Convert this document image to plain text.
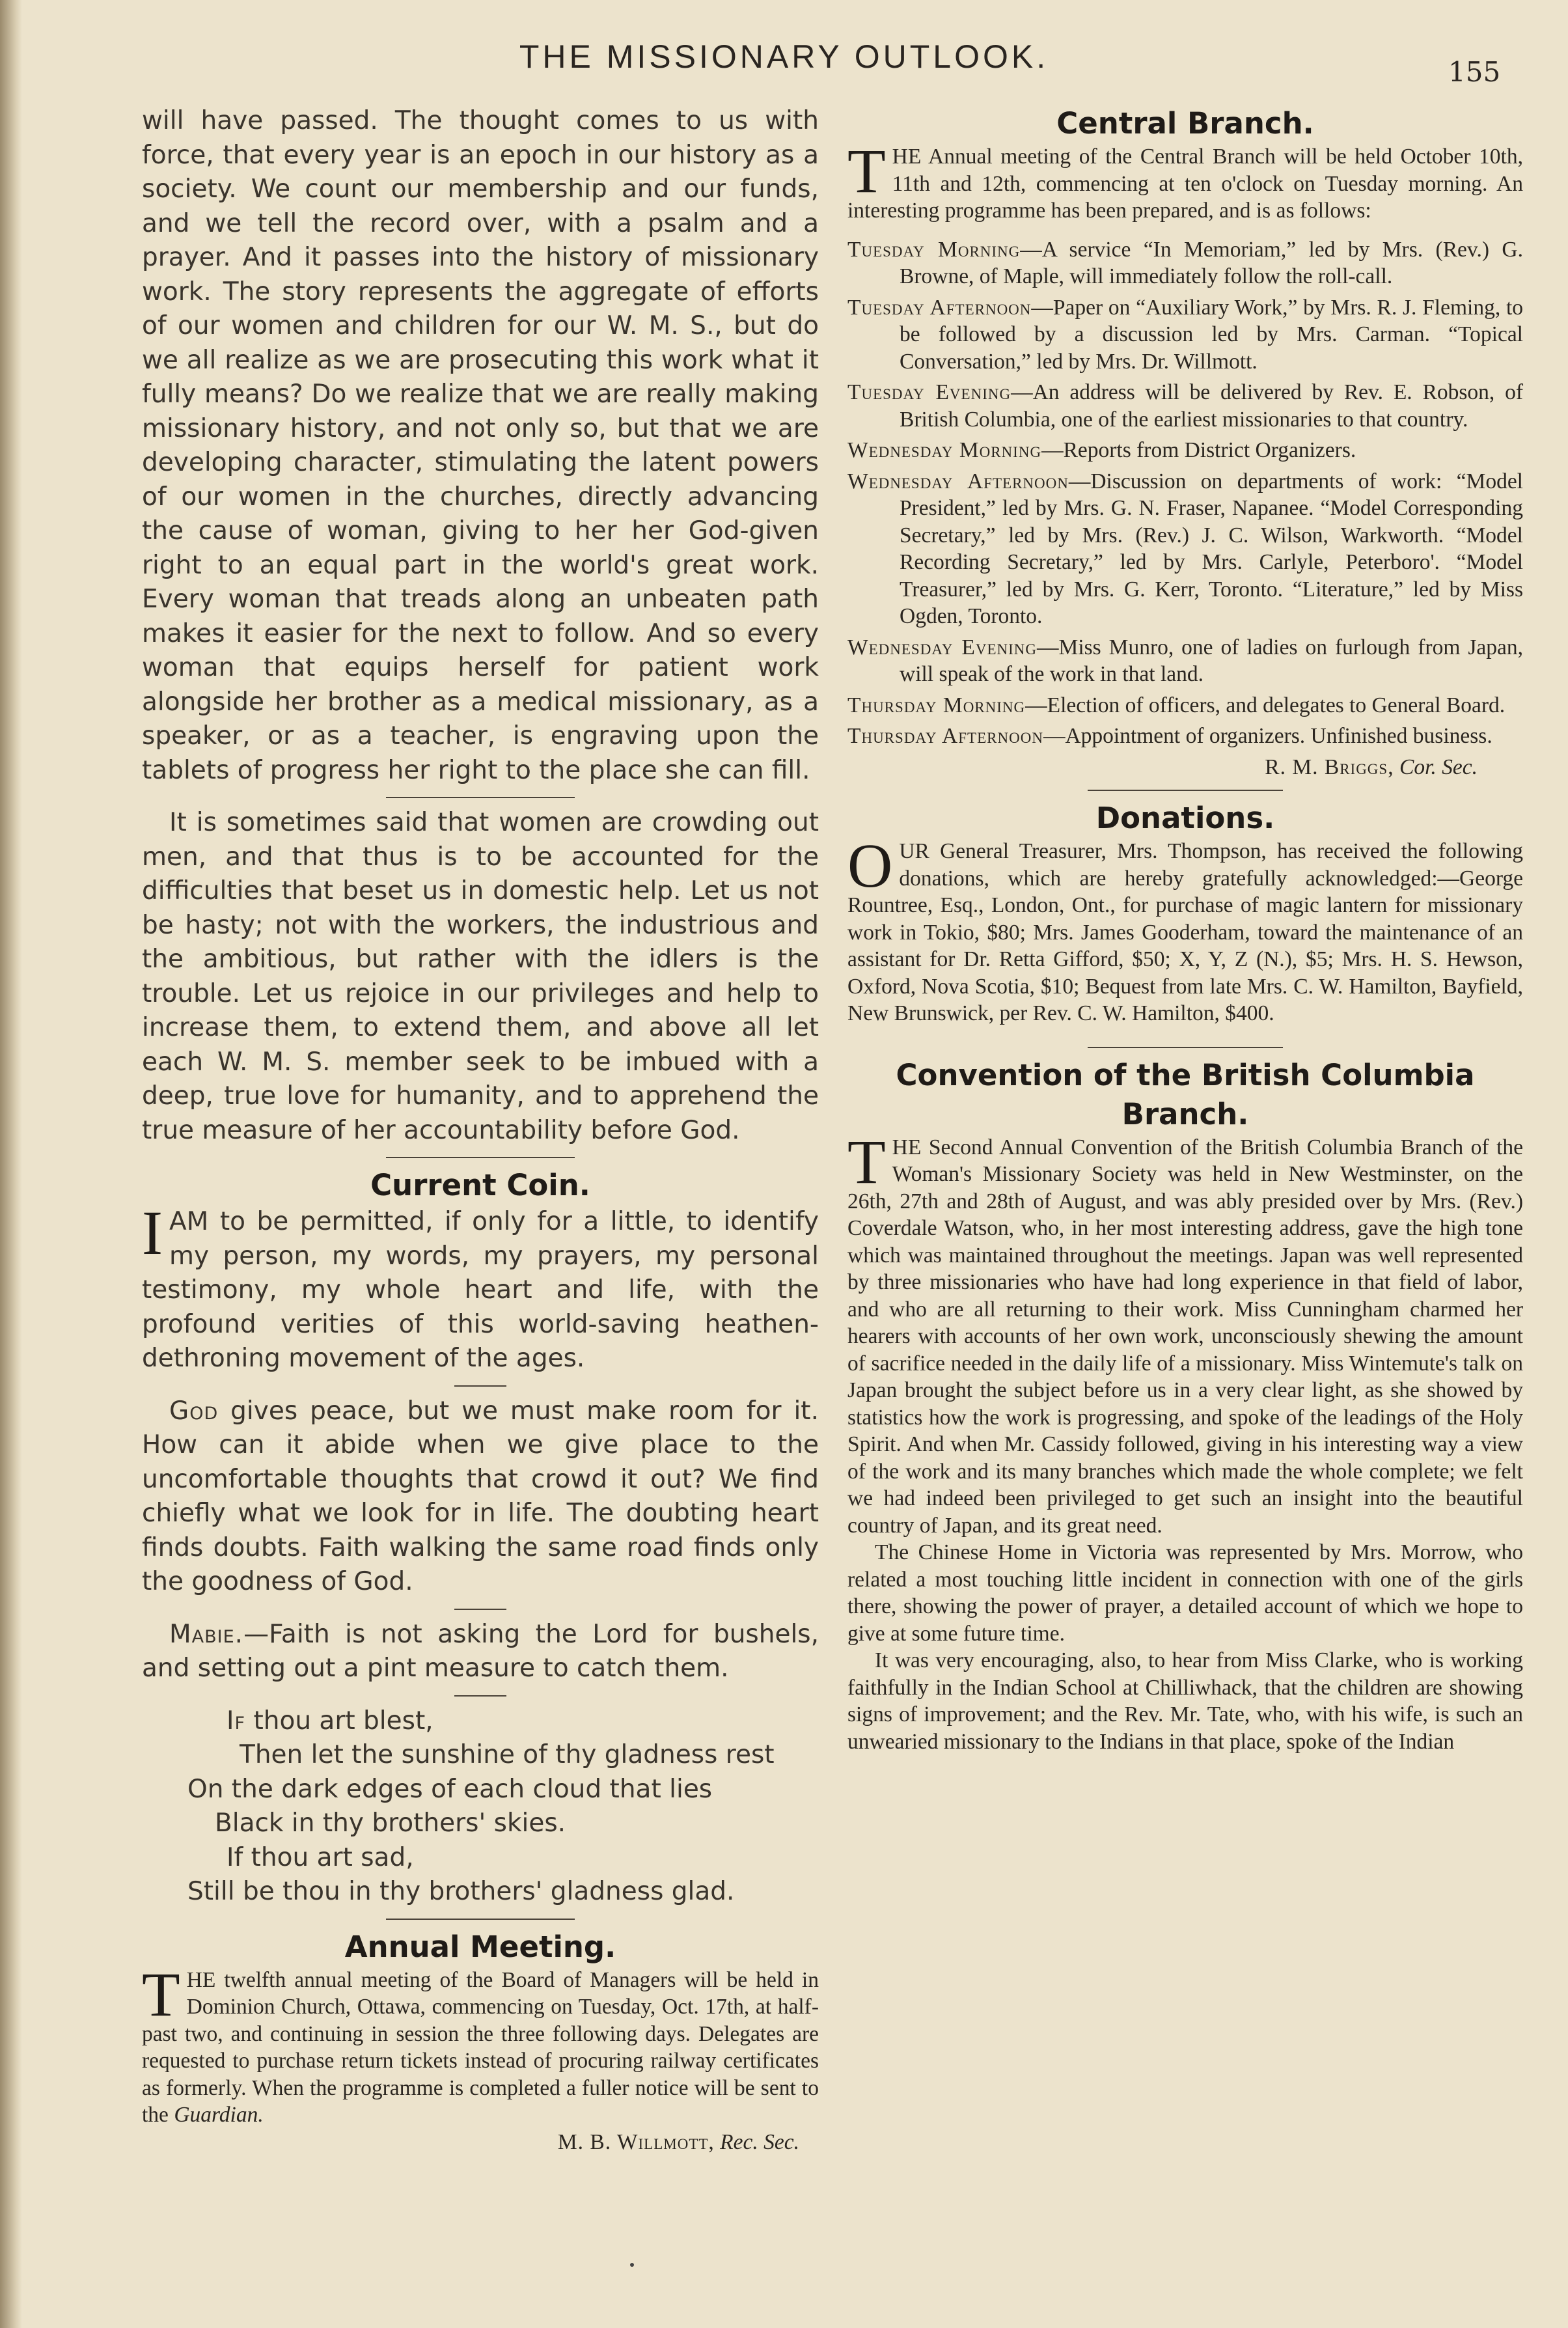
THE MISSIONARY OUTLOOK.	155

will have passed. The thought comes to us with force, that every year is an epoch in our history as a society. We count our membership and our funds, and we tell the record over, with a psalm and a prayer. And it passes into the history of missionary work. The story represents the aggregate of efforts of our women and children for our W. M. S., but do we all realize as we are prosecuting this work what it fully means? Do we realize that we are really making missionary history, and not only so, but that we are developing character, stimulating the latent powers of our women in the churches, directly advancing the cause of woman, giving to her her God-given right to an equal part in the world's great work. Every woman that treads along an unbeaten path makes it easier for the next to follow. And so every woman that equips herself for patient work alongside her brother as a medical missionary, as a speaker, or as a teacher, is engraving upon the tablets of progress her right to the place she can fill.

It is sometimes said that women are crowding out men, and that thus is to be accounted for the difficulties that beset us in domestic help. Let us not be hasty; not with the workers, the industrious and the ambitious, but rather with the idlers is the trouble. Let us rejoice in our privileges and help to increase them, to extend them, and above all let each W. M. S. member seek to be imbued with a deep, true love for humanity, and to apprehend the true measure of her accountability before God.

Current Coin.

I AM to be permitted, if only for a little, to identify my person, my words, my prayers, my personal testimony, my whole heart and life, with the profound verities of this world-saving heathen-dethroning movement of the ages.

God gives peace, but we must make room for it. How can it abide when we give place to the uncomfortable thoughts that crowd it out? We find chiefly what we look for in life. The doubting heart finds doubts. Faith walking the same road finds only the goodness of God.

Mabie.—Faith is not asking the Lord for bushels, and setting out a pint measure to catch them.

If thou art blest,
Then let the sunshine of thy gladness rest
On the dark edges of each cloud that lies
Black in thy brothers' skies.
If thou art sad,
Still be thou in thy brothers' gladness glad.
Annual Meeting.

THE twelfth annual meeting of the Board of Managers will be held in Dominion Church, Ottawa, commencing on Tuesday, Oct. 17th, at half-past two, and continuing in session the three following days. Delegates are requested to purchase return tickets instead of procuring railway certificates as formerly. When the programme is completed a fuller notice will be sent to the Guardian.

M. B. Willmott, Rec. Sec.

Central Branch.

THE Annual meeting of the Central Branch will be held October 10th, 11th and 12th, commencing at ten o'clock on Tuesday morning. An interesting programme has been prepared, and is as follows:

Tuesday Morning—A service “In Memoriam,” led by Mrs. (Rev.) G. Browne, of Maple, will immediately follow the roll-call.

Tuesday Afternoon—Paper on “Auxiliary Work,” by Mrs. R. J. Fleming, to be followed by a discussion led by Mrs. Carman. “Topical Conversation,” led by Mrs. Dr. Willmott.

Tuesday Evening—An address will be delivered by Rev. E. Robson, of British Columbia, one of the earliest missionaries to that country.

Wednesday Morning—Reports from District Organizers.

Wednesday Afternoon—Discussion on departments of work: “Model President,” led by Mrs. G. N. Fraser, Napanee. “Model Corresponding Secretary,” led by Mrs. (Rev.) J. C. Wilson, Warkworth. “Model Recording Secretary,” led by Mrs. Carlyle, Peterboro'. “Model Treasurer,” led by Mrs. G. Kerr, Toronto. “Literature,” led by Miss Ogden, Toronto.

Wednesday Evening—Miss Munro, one of ladies on furlough from Japan, will speak of the work in that land.

Thursday Morning—Election of officers, and delegates to General Board.

Thursday Afternoon—Appointment of organizers. Unfinished business.

R. M. Briggs, Cor. Sec.

Donations.

OUR General Treasurer, Mrs. Thompson, has received the following donations, which are hereby gratefully acknowledged:—George Rountree, Esq., London, Ont., for purchase of magic lantern for missionary work in Tokio, $80; Mrs. James Gooderham, toward the maintenance of an assistant for Dr. Retta Gifford, $50; X, Y, Z (N.), $5; Mrs. H. S. Hewson, Oxford, Nova Scotia, $10; Bequest from late Mrs. C. W. Hamilton, Bayfield, New Brunswick, per Rev. C. W. Hamilton, $400.

Convention of the British Columbia Branch.

THE Second Annual Convention of the British Columbia Branch of the Woman's Missionary Society was held in New Westminster, on the 26th, 27th and 28th of August, and was ably presided over by Mrs. (Rev.) Coverdale Watson, who, in her most interesting address, gave the high tone which was maintained throughout the meetings. Japan was well represented by three missionaries who have had long experience in that field of labor, and who are all returning to their work. Miss Cunningham charmed her hearers with accounts of her own work, unconsciously shewing the amount of sacrifice needed in the daily life of a missionary. Miss Wintemute's talk on Japan brought the subject before us in a very clear light, as she showed by statistics how the work is progressing, and spoke of the leadings of the Holy Spirit. And when Mr. Cassidy followed, giving in his interesting way a view of the work and its many branches which made the whole complete; we felt we had indeed been privileged to get such an insight into the beautiful country of Japan, and its great need.

The Chinese Home in Victoria was represented by Mrs. Morrow, who related a most touching little incident in connection with one of the girls there, showing the power of prayer, a detailed account of which we hope to give at some future time.

It was very encouraging, also, to hear from Miss Clarke, who is working faithfully in the Indian School at Chilliwhack, that the children are showing signs of improvement; and the Rev. Mr. Tate, who, with his wife, is such an unwearied missionary to the Indians in that place, spoke of the Indian
